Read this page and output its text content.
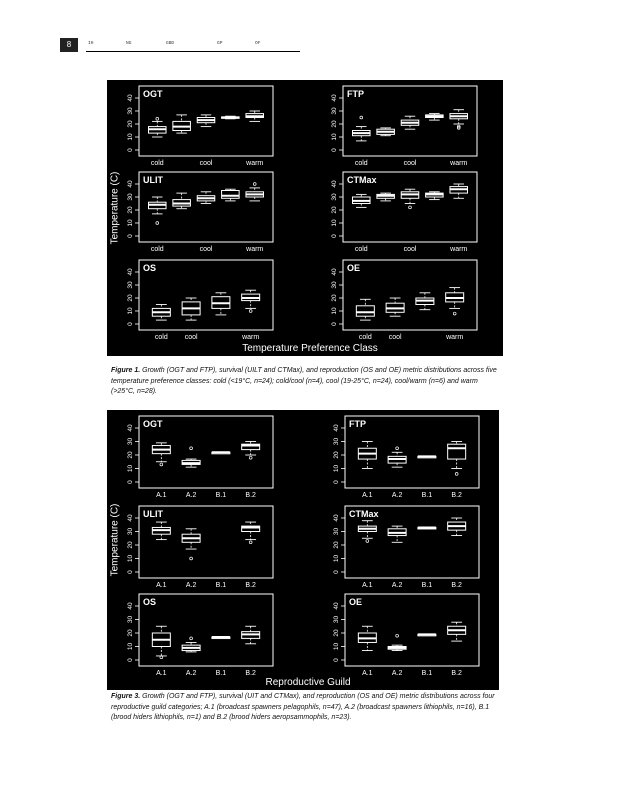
8	IH	NG	GBD	GP	OF
Temperature (C)
Temperature Preference Class
OGT
0
10
20
30
40
cold	cool	warm
FTP
0
10
20
30
40
cold	cool	warm
ULIT
0
10
20
30
40
cold	cool	warm
CTMax
0
10
20
30
40
cold	cool	warm
OS
0
10
20
30
40
cold cool	warm
OE
0
10
20
30
40
cold cool	warm
Figure 1. Growth (OGT and FTP), survival (UILT and CTMax), and reproduction (OS and OE) metric distributions across five temperature preference classes: cold (<19°C, n=24); cold/cool (n=4), cool (19-25°C, n=24), cool/warm (n=6) and warm (>25°C, n=28).
Temperature (C)
Reproductive Guild
OGT
0
10
20
30
40
A.1	A.2	B.1	B.2
FTP
0
10
20
30
40
A.1	A.2	B.1	B.2
ULIT
0
10
20
30
40
A.1	A.2	B.1	B.2
CTMax
0
10
20
30
40
A.1	A.2	B.1	B.2
OS
0
10
20
30
40
A.1	A.2	B.1	B.2
OE
0
10
20
30
40
A.1	A.2	B.1	B.2
Figure 3. Growth (OGT and FTP), survival (UIT and CTMax), and reproduction (OS and OE) metric distributions across four reproductive guild categories; A.1 (broadcast spawners pelagophils, n=47), A.2 (broadcast spawners lithiophils, n=16), B.1 (brood hiders lithiophils, n=1) and B.2 (brood hiders aeropsammophils, n=23).
